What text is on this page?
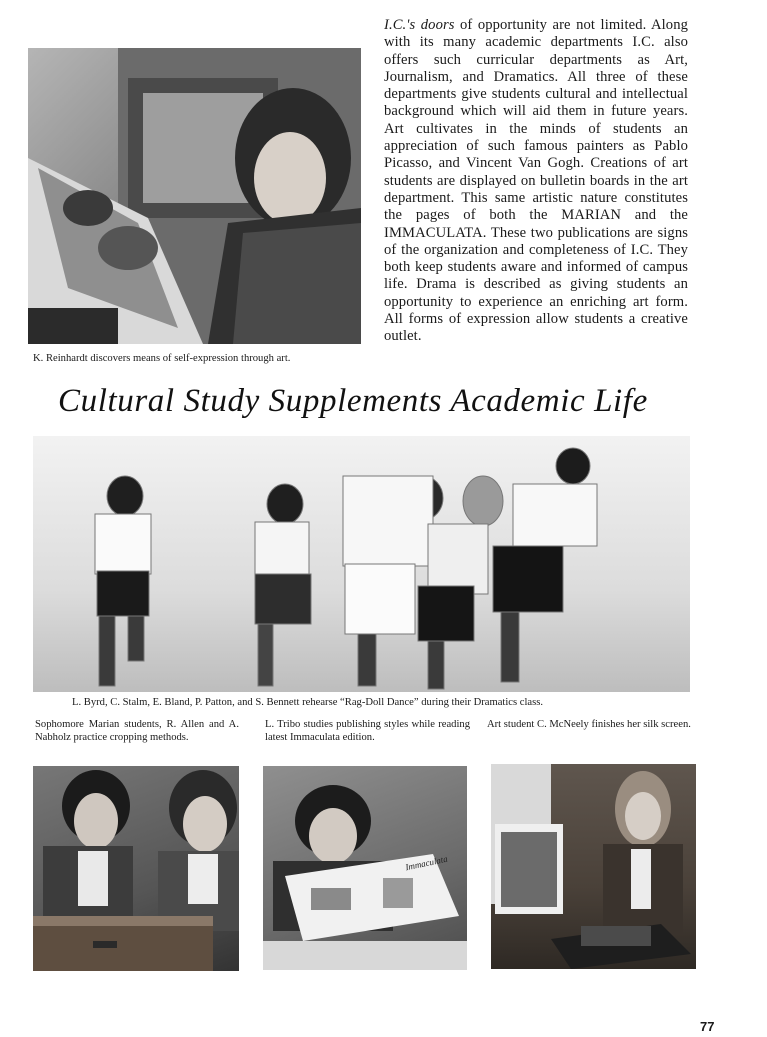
K. Reinhardt discovers means of self-expression through art.
I.C.'s doors of opportunity are not limited. Along with its many academic departments I.C. also offers such curricular departments as Art, Journalism, and Dramatics. All three of these departments give students cultural and intellectual background which will aid them in future years. Art cultivates in the minds of students an appreciation of such famous painters as Pablo Picasso, and Vincent Van Gogh. Creations of art students are displayed on bulletin boards in the art department. This same artistic nature constitutes the pages of both the MARIAN and the IMMACULATA. These two publications are signs of the organization and completeness of I.C. They both keep students aware and informed of campus life. Drama is described as giving students an opportunity to experience an enriching art form. All forms of expression allow students a creative outlet.
Cultural Study Supplements Academic Life
L. Byrd, C. Stalm, E. Bland, P. Patton, and S. Bennett rehearse “Rag-Doll Dance” during their Dramatics class.
Sophomore Marian students, R. Allen and A. Nabholz practice cropping methods.
L. Tribo studies publishing styles while reading latest Immaculata edition.
Art student C. McNeely finishes her silk screen.
Immaculata
77
